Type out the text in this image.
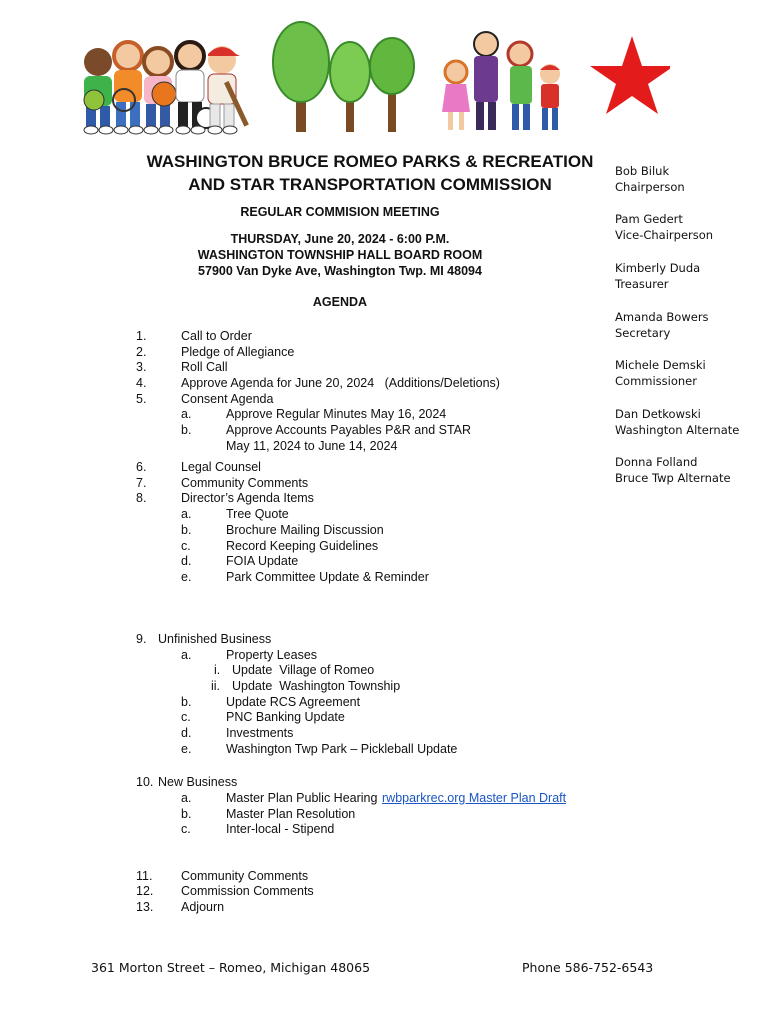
WASHINGTON BRUCE ROMEO PARKS & RECREATION
AND STAR TRANSPORTATION COMMISSION
REGULAR COMMISION MEETING
THURSDAY, June 20, 2024 - 6:00 P.M.
WASHINGTON TOWNSHIP HALL BOARD ROOM
57900 Van Dyke Ave, Washington Twp. MI 48094
AGENDA
Bob Biluk
Chairperson
Pam Gedert
Vice-Chairperson
Kimberly Duda
Treasurer
Amanda Bowers
Secretary
Michele Demski
Commissioner
Dan Detkowski
Washington Alternate
Donna Folland
Bruce Twp Alternate
1.	Call to Order
2.	Pledge of Allegiance
3.	Roll Call
4.	Approve Agenda for June 20, 2024   (Additions/Deletions)
5.	Consent Agenda
a.	Approve Regular Minutes May 16, 2024
b.	Approve Accounts Payables P&R and STAR
May 11, 2024 to June 14, 2024
6.	Legal Counsel
7.	Community Comments
8.	Director’s Agenda Items
a.	Tree Quote
b.	Brochure Mailing Discussion
c.	Record Keeping Guidelines
d.	FOIA Update
e.	Park Committee Update & Reminder
9. Unfinished Business
a.	Property Leases
i. Update  Village of Romeo
ii. Update  Washington Township
b.	Update RCS Agreement
c.	PNC Banking Update
d.	Investments
e.	Washington Twp Park – Pickleball Update
10. New Business
a.	Master Plan Public Hearing rwbparkrec.org Master Plan Draft
b.	Master Plan Resolution
c.	Inter-local - Stipend
11. Community Comments
12. Commission Comments
13. Adjourn
361 Morton Street – Romeo, Michigan 48065	Phone 586-752-6543
